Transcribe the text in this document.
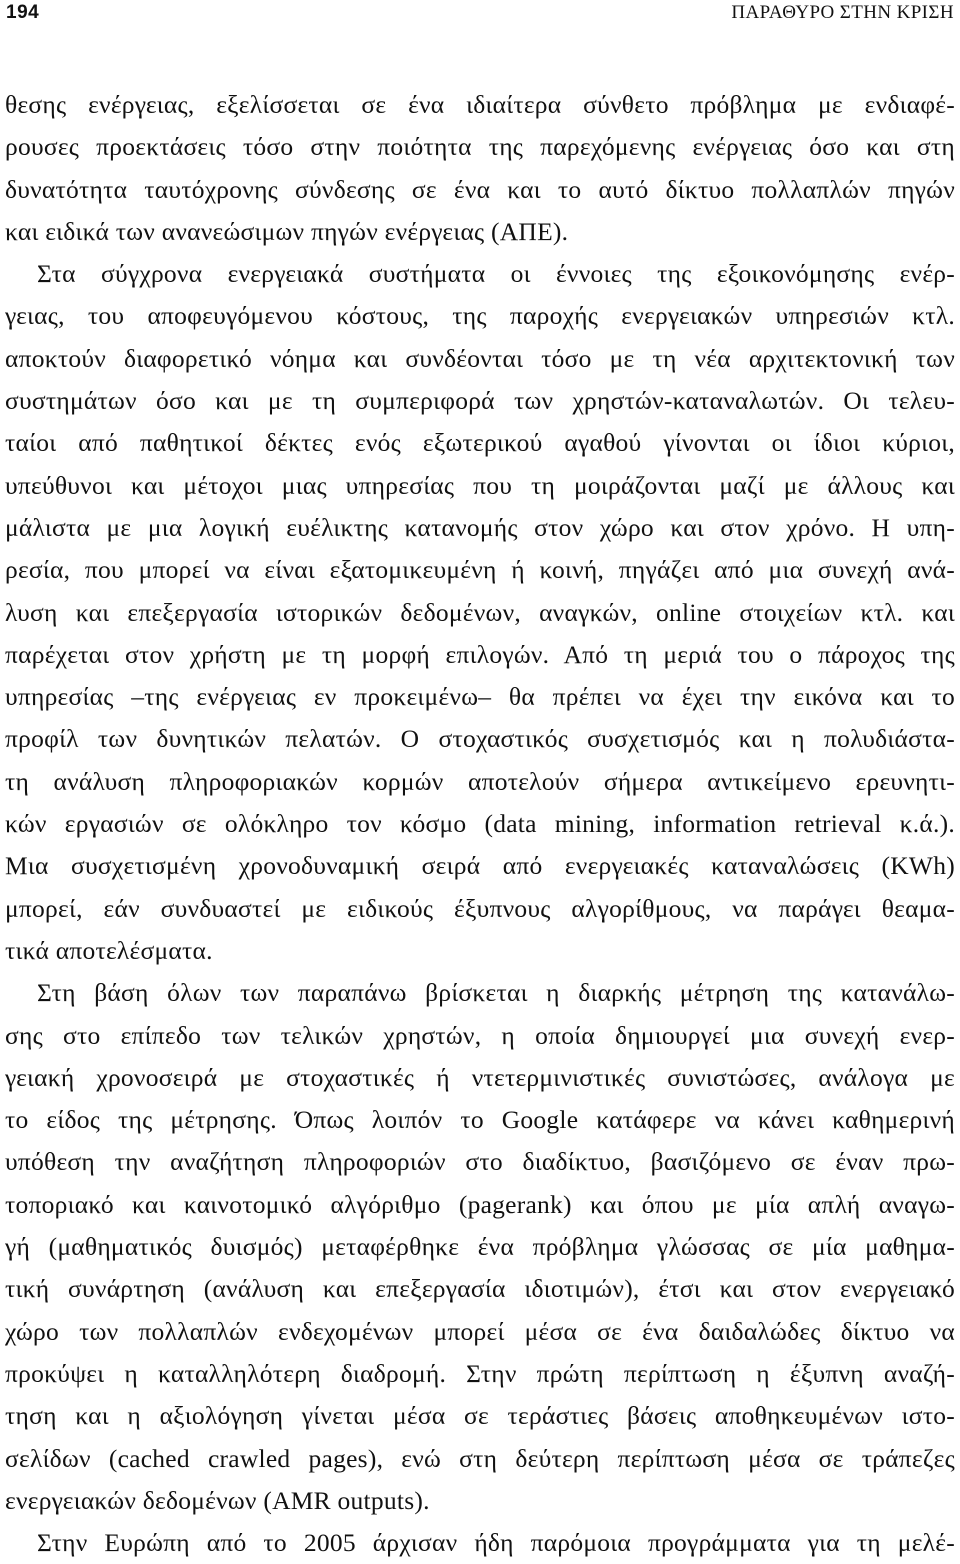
194	ΠΑΡΑΘΥΡΟ ΣΤΗΝ ΚΡΙΣΗ
θεσης ενέργειας, εξελίσσεται σε ένα ιδιαίτερα σύνθετο πρόβλημα με ενδιαφέ-
ρουσες προεκτάσεις τόσο στην ποιότητα της παρεχόμενης ενέργειας όσο και στη
δυνατότητα ταυτόχρονης σύνδεσης σε ένα και το αυτό δίκτυο πολλαπλών πηγών
και ειδικά των ανανεώσιμων πηγών ενέργειας (ΑΠΕ).
Στα σύγχρονα ενεργειακά συστήματα οι έννοιες της εξοικονόμησης ενέρ-
γειας, του αποφευγόμενου κόστους, της παροχής ενεργειακών υπηρεσιών κτλ.
αποκτούν διαφορετικό νόημα και συνδέονται τόσο με τη νέα αρχιτεκτονική των
συστημάτων όσο και με τη συμπεριφορά των χρηστών-καταναλωτών. Οι τελευ-
ταίοι από παθητικοί δέκτες ενός εξωτερικού αγαθού γίνονται οι ίδιοι κύριοι,
υπεύθυνοι και μέτοχοι μιας υπηρεσίας που τη μοιράζονται μαζί με άλλους και
μάλιστα με μια λογική ευέλικτης κατανομής στον χώρο και στον χρόνο. Η υπη-
ρεσία, που μπορεί να είναι εξατομικευμένη ή κοινή, πηγάζει από μια συνεχή ανά-
λυση και επεξεργασία ιστορικών δεδομένων, αναγκών, online στοιχείων κτλ. και
παρέχεται στον χρήστη με τη μορφή επιλογών. Από τη μεριά του ο πάροχος της
υπηρεσίας –της ενέργειας εν προκειμένω– θα πρέπει να έχει την εικόνα και το
προφίλ των δυνητικών πελατών. Ο στοχαστικός συσχετισμός και η πολυδιάστα-
τη ανάλυση πληροφοριακών κορμών αποτελούν σήμερα αντικείμενο ερευνητι-
κών εργασιών σε ολόκληρο τον κόσμο (data mining, information retrieval κ.ά.).
Μια συσχετισμένη χρονοδυναμική σειρά από ενεργειακές καταναλώσεις (KWh)
μπορεί, εάν συνδυαστεί με ειδικούς έξυπνους αλγορίθμους, να παράγει θεαμα-
τικά αποτελέσματα.
Στη βάση όλων των παραπάνω βρίσκεται η διαρκής μέτρηση της κατανάλω-
σης στο επίπεδο των τελικών χρηστών, η οποία δημιουργεί μια συνεχή ενερ-
γειακή χρονοσειρά με στοχαστικές ή ντετερμινιστικές συνιστώσες, ανάλογα με
το είδος της μέτρησης. Όπως λοιπόν το Google κατάφερε να κάνει καθημερινή
υπόθεση την αναζήτηση πληροφοριών στο διαδίκτυο, βασιζόμενο σε έναν πρω-
τοποριακό και καινοτομικό αλγόριθμο (pagerank) και όπου με μία απλή αναγω-
γή (μαθηματικός δυισμός) μεταφέρθηκε ένα πρόβλημα γλώσσας σε μία μαθημα-
τική συνάρτηση (ανάλυση και επεξεργασία ιδιοτιμών), έτσι και στον ενεργειακό
χώρο των πολλαπλών ενδεχομένων μπορεί μέσα σε ένα δαιδαλώδες δίκτυο να
προκύψει η καταλληλότερη διαδρομή. Στην πρώτη περίπτωση η έξυπνη αναζή-
τηση και η αξιολόγηση γίνεται μέσα σε τεράστιες βάσεις αποθηκευμένων ιστο-
σελίδων (cached crawled pages), ενώ στη δεύτερη περίπτωση μέσα σε τράπεζες
ενεργειακών δεδομένων (AMR outputs).
Στην Ευρώπη από το 2005 άρχισαν ήδη παρόμοια προγράμματα για τη μελέ-
